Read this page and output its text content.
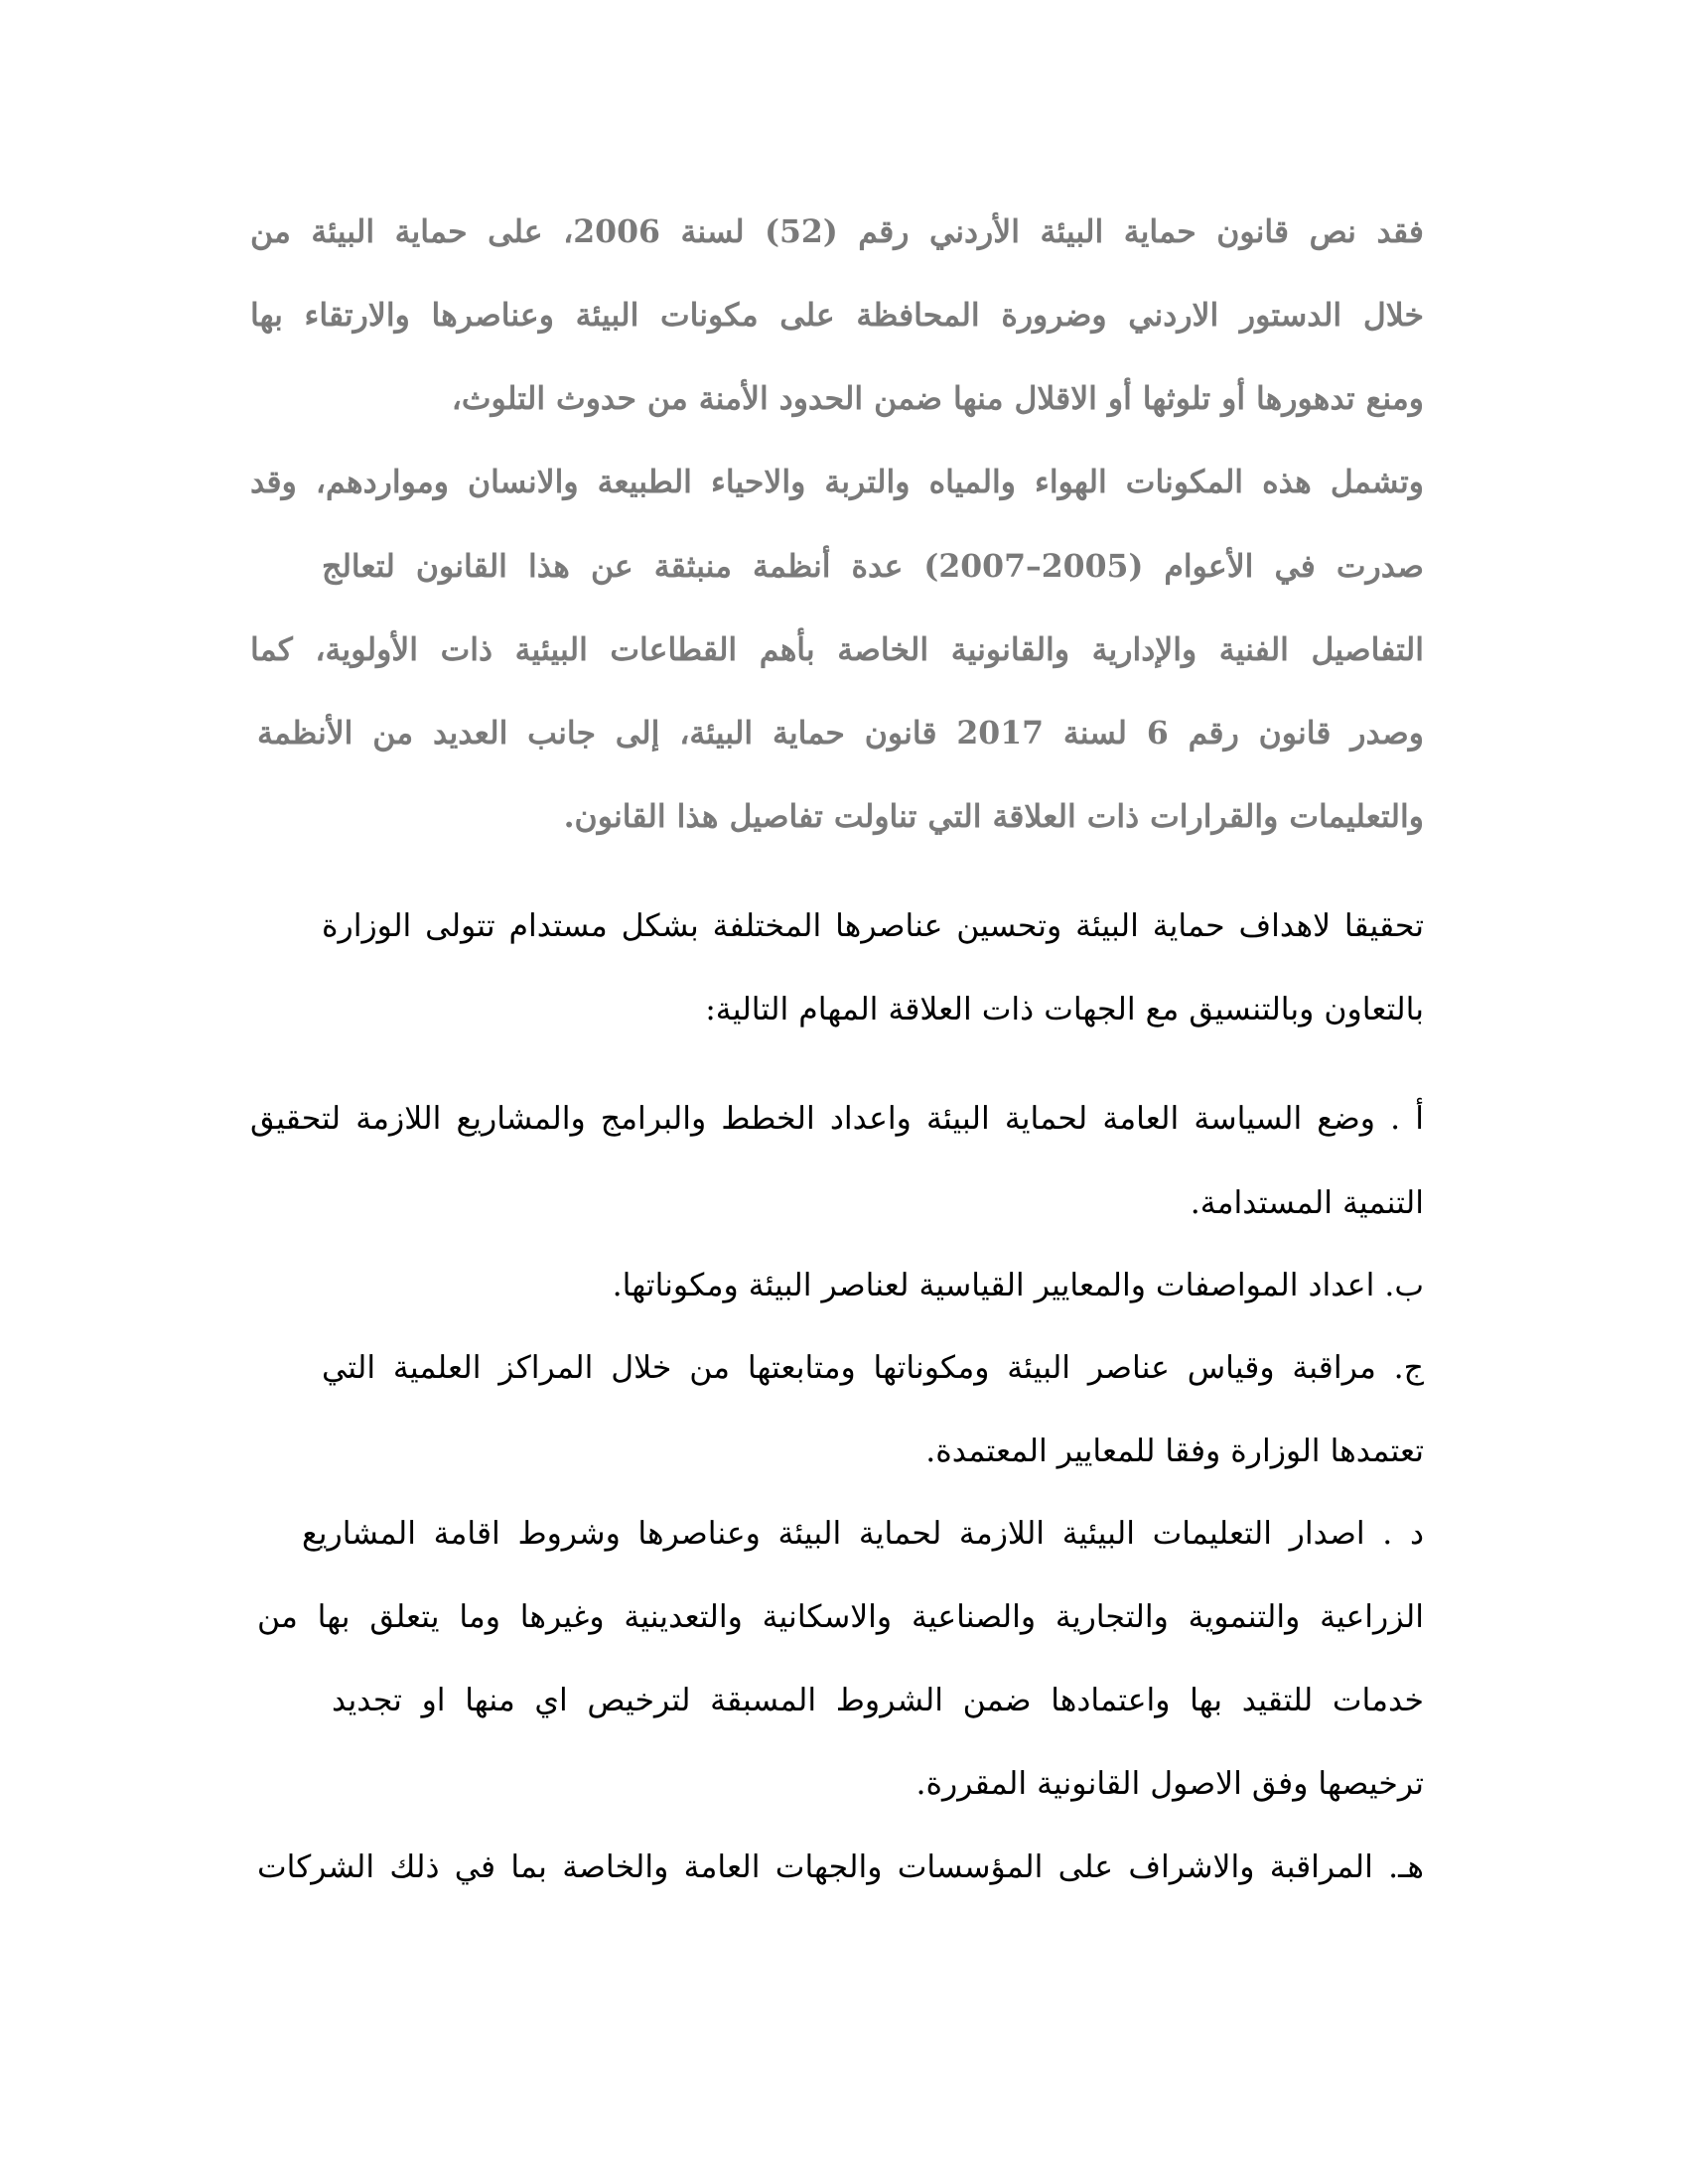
فقد نص قانون حماية البيئة الأردني رقم (52) لسنة 2006، على حماية البيئة من
خلال الدستور الاردني وضرورة المحافظة على مكونات البيئة وعناصرها والارتقاء بها
ومنع تدهورها أو تلوثها أو الاقلال منها ضمن الحدود الأمنة من حدوث التلوث،
وتشمل هذه المكونات الهواء والمياه والتربة والاحياء الطبيعة والانسان ومواردهم، وقد
صدرت في الأعوام (2005–2007) عدة أنظمة منبثقة عن هذا القانون لتعالج
التفاصيل الفنية والإدارية والقانونية الخاصة بأهم القطاعات البيئية ذات الأولوية، كما
وصدر قانون رقم 6 لسنة 2017 قانون حماية البيئة، إلى جانب العديد من الأنظمة
والتعليمات والقرارات ذات العلاقة التي تناولت تفاصيل هذا القانون.
تحقيقا لاهداف حماية البيئة وتحسين عناصرها المختلفة بشكل مستدام تتولى الوزارة
بالتعاون وبالتنسيق مع الجهات ذات العلاقة المهام التالية:
أ . وضع السياسة العامة لحماية البيئة واعداد الخطط والبرامج والمشاريع اللازمة لتحقيق
التنمية المستدامة.
ب. اعداد المواصفات والمعايير القياسية لعناصر البيئة ومكوناتها.
ج. مراقبة وقياس عناصر البيئة ومكوناتها ومتابعتها من خلال المراكز العلمية التي
تعتمدها الوزارة وفقا للمعايير المعتمدة.
د . اصدار التعليمات البيئية اللازمة لحماية البيئة وعناصرها وشروط اقامة المشاريع
الزراعية والتنموية والتجارية والصناعية والاسكانية والتعدينية وغيرها وما يتعلق بها من
خدمات للتقيد بها واعتمادها ضمن الشروط المسبقة لترخيص اي منها او تجديد
ترخيصها وفق الاصول القانونية المقررة.
هـ. المراقبة والاشراف على المؤسسات والجهات العامة والخاصة بما في ذلك الشركات
